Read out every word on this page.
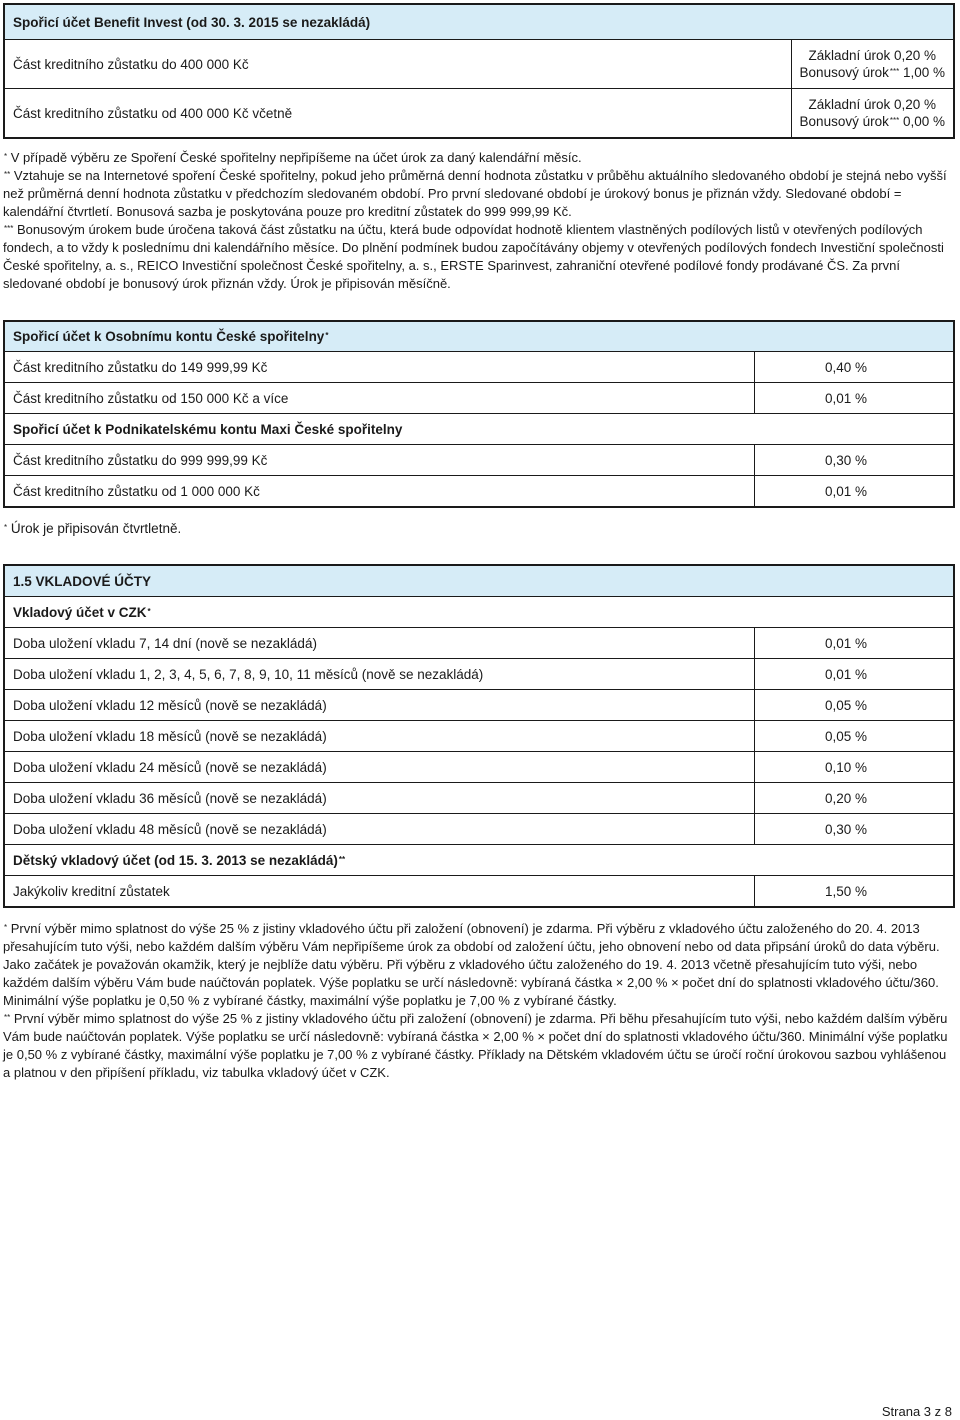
Spořicí účet Benefit Invest (od 30. 3. 2015 se nezakládá)	
Část kreditního zůstatku do 400 000 Kč	Základní úrok 0,20 %
Bonusový úrok*** 1,00 %

Část kreditního zůstatku od 400 000 Kč včetně	Základní úrok 0,20 %
Bonusový úrok*** 0,00 %

* V případě výběru ze Spoření České spořitelny nepřipíšeme na účet úrok za daný kalendářní měsíc.

** Vztahuje se na Internetové spoření České spořitelny, pokud jeho průměrná denní hodnota zůstatku v průběhu aktuálního sledovaného období je stejná nebo vyšší než průměrná denní hodnota zůstatku v předchozím sledovaném období. Pro první sledované období je úrokový bonus je přiznán vždy. Sledované období = kalendářní čtvrtletí. Bonusová sazba je poskytována pouze pro kreditní zůstatek do 999 999,99 Kč.

*** Bonusovým úrokem bude úročena taková část zůstatku na účtu, která bude odpovídat hodnotě klientem vlastněných podílových listů v otevřených podílových fondech, a to vždy k poslednímu dni kalendářního měsíce. Do plnění podmínek budou započítávány objemy v otevřených podílových fondech Investiční společnosti České spořitelny, a. s., REICO Investiční společnost České spořitelny, a. s., ERSTE Sparinvest, zahraniční otevřené podílové fondy prodávané ČS. Za první sledované období je bonusový úrok přiznán vždy. Úrok je připisován měsíčně.

Spořicí účet k Osobnímu kontu České spořitelny*
Část kreditního zůstatku do 149 999,99 Kč	0,40 %
Část kreditního zůstatku od 150 000 Kč a více	0,01 %
Spořicí účet k Podnikatelskému kontu Maxi České spořitelny	
Část kreditního zůstatku do 999 999,99 Kč	0,30 %
Část kreditního zůstatku od 1 000 000 Kč	0,01 %

* Úrok je připisován čtvrtletně.

1.5 VKLADOVÉ ÚČTY	
Vkladový účet v CZK*
Doba uložení vkladu 7, 14 dní (nově se nezakládá)	0,01 %
Doba uložení vkladu 1, 2, 3, 4, 5, 6, 7, 8, 9, 10, 11 měsíců (nově se nezakládá)	0,01 %
Doba uložení vkladu 12 měsíců (nově se nezakládá)	0,05 %
Doba uložení vkladu 18 měsíců (nově se nezakládá)	0,05 %
Doba uložení vkladu 24 měsíců (nově se nezakládá)	0,10 %
Doba uložení vkladu 36 měsíců (nově se nezakládá)	0,20 %
Doba uložení vkladu 48 měsíců (nově se nezakládá)	0,30 %
Dětský vkladový účet (od 15. 3. 2013 se nezakládá)**
Jakýkoliv kreditní zůstatek	1,50 %

* První výběr mimo splatnost do výše 25 % z jistiny vkladového účtu při založení (obnovení) je zdarma. Při výběru z vkladového účtu založeného do 20. 4. 2013 přesahujícím tuto výši, nebo každém dalším výběru Vám nepřipíšeme úrok za období od založení účtu, jeho obnovení nebo od data připsání úroků do data výběru. Jako začátek je považován okamžik, který je nejblíže datu výběru. Při výběru z vkladového účtu založeného do 19. 4. 2013 včetně přesahujícím tuto výši, nebo každém dalším výběru Vám bude naúčtován poplatek. Výše poplatku se určí následovně: vybíraná částka × 2,00 % × počet dní do splatnosti vkladového účtu/360. Minimální výše poplatku je 0,50 % z vybírané částky, maximální výše poplatku je 7,00 % z vybírané částky.

** První výběr mimo splatnost do výše 25 % z jistiny vkladového účtu při založení (obnovení) je zdarma. Při běhu přesahujícím tuto výši, nebo každém dalším výběru Vám bude naúčtován poplatek. Výše poplatku se určí následovně: vybíraná částka × 2,00 % × počet dní do splatnosti vkladového účtu/360. Minimální výše poplatku je 0,50 % z vybírané částky, maximální výše poplatku je 7,00 % z vybírané částky. Příklady na Dětském vkladovém účtu se úročí roční úrokovou sazbou vyhlášenou a platnou v den připíšení příkladu, viz tabulka vkladový účet v CZK.

Strana 3 z 8
